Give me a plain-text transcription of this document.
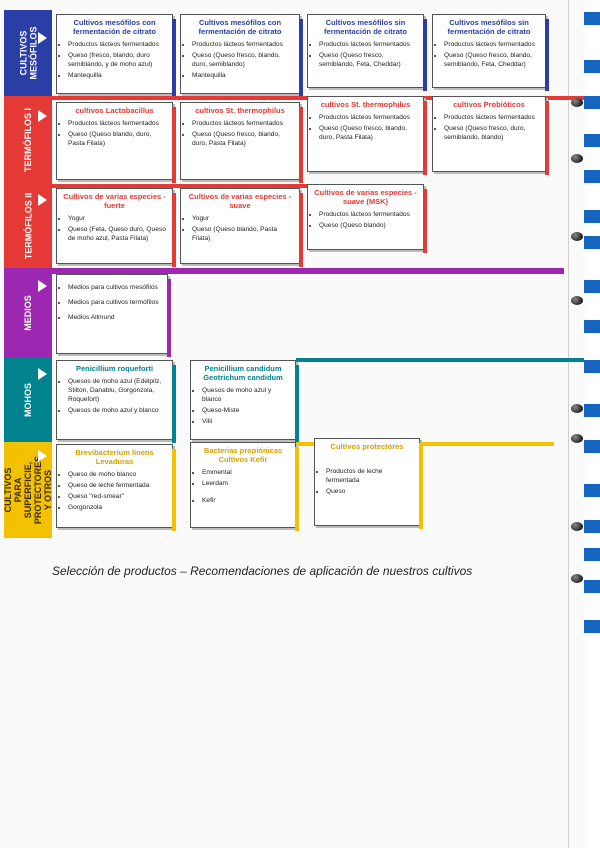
CULTIVOS MESÓFILOS
Cultivos mesófilos con fermentación de citrato
• Productos lácteos fermentados
• Queso (fresco, blando, duro semiblando, y de moho azul)
• Mantequilla
Cultivos mesófilos con fermentación de citrato
• Productos lácteos fermentados
• Queso (Queso fresco, blando, duro, semiblando)
• Mantequilla
Cultivos mesófilos sin fermentación de citrato
• Productos lácteos fermentados
• Queso (Queso fresco, semiblando, Feta, Cheddar)
Cultivos mesófilos sin fermentación de citrato
• Productos lácteos fermentados
• Queso (Queso fresco, blando, semiblando, Feta, Cheddar)
TERMÓFILOS I	cultivos Lactobacillus
• Productos lácteos fermentados
• Queso (Queso blando, duro, Pasta Filata)
cultivos St. thermophilus
• Productos lácteos fermentados
• Queso (Queso fresco, blando, duro, Pasta Filata)
cultivos St. thermophilus
• Productos lácteos fermentados
• Queso (Queso fresco, blando, duro, Pasta Filata)
cultivos Probióticos
• Productos lácteos fermentados
• Queso (Queso fresco, duro, semiblando, blando)
TERMÓFILOS II	Cultivos de varias especies - fuerte
• Yogur
• Queso (Feta, Queso duro, Queso de moho azul, Pasta Filata)
Cultivos de varias especies - suave
• Yogur
• Queso (Queso blando, Pasta Filata)
Cultivos de varias especies - suave (MSK)
• Productos lácteos fermentados
• Queso (Queso blando)
MEDIOS
• Medios para cultivos mesófilos
• Medios para cultivos termófilos
• Medios Allmund
MOHOS
Penicillium roqueforti
• Quesos de moho azul (Edelpilz, Stilton, Danablu, Gorgonzola, Roquefort)
• Quesos de moho azul y blanco
Penicillium candidum Geotrichum candidum
• Quesos de moho azul y blanco
• Queso-Miste
• Vilii
CULTIVOS PARA SUPERFICIE, PROTECTORES Y OTROS
Brevibacterium linens Levaduras
• Queso de moho blanco
• Queso de leche fermentada
• Queso "red-smear"
• Gorgonzola
Bacterias propiónicas Cultivos Kefir
• Emmental
• Leerdam
• Kefir
Cultivos protectores
• Productos de leche fermentada
• Queso
Selección de productos – Recomendaciones de aplicación de nuestros cultivos
